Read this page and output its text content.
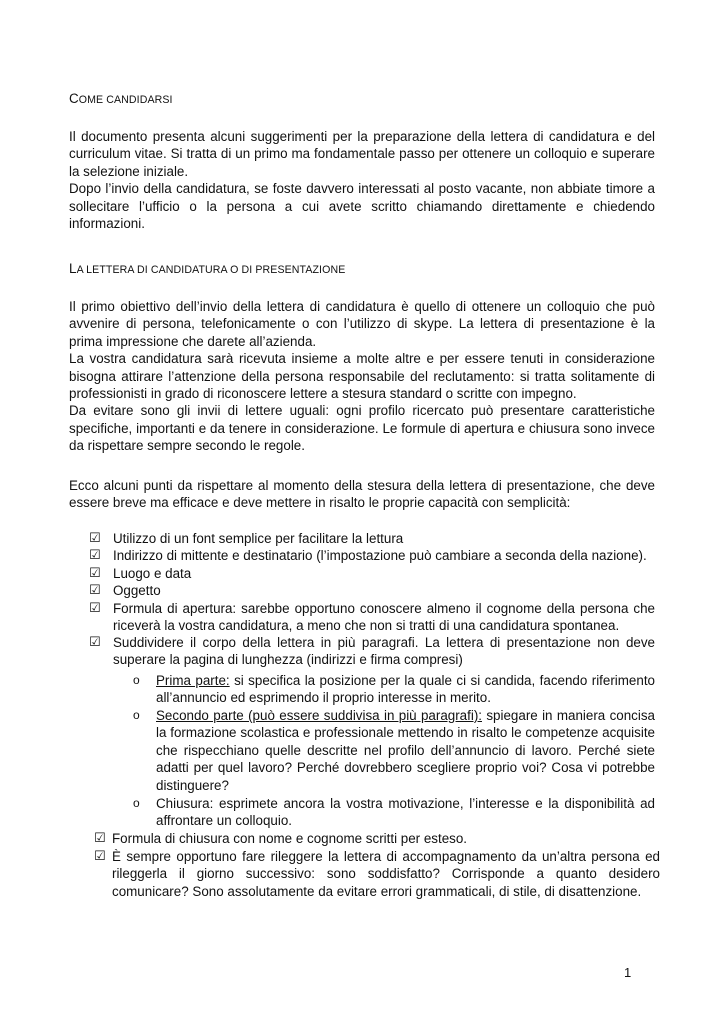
COME CANDIDARSI

Il documento presenta alcuni suggerimenti per la preparazione della lettera di candidatura e del curriculum vitae. Si tratta di un primo ma fondamentale passo per ottenere un colloquio e superare la selezione iniziale.

Dopo l’invio della candidatura, se foste davvero interessati al posto vacante, non abbiate timore a sollecitare l’ufficio o la persona a cui avete scritto chiamando direttamente e chiedendo informazioni.

LA LETTERA DI CANDIDATURA O DI PRESENTAZIONE

Il primo obiettivo dell’invio della lettera di candidatura è quello di ottenere un colloquio che può avvenire di persona, telefonicamente o con l’utilizzo di skype. La lettera di presentazione è la prima impressione che darete all’azienda.

La vostra candidatura sarà ricevuta insieme a molte altre e per essere tenuti in considerazione bisogna attirare l’attenzione della persona responsabile del reclutamento: si tratta solitamente di professionisti in grado di riconoscere lettere a stesura standard o scritte con impegno.

Da evitare sono gli invii di lettere uguali: ogni profilo ricercato può presentare caratteristiche specifiche, importanti e da tenere in considerazione. Le formule di apertura e chiusura sono invece da rispettare sempre secondo le regole.

Ecco alcuni punti da rispettare al momento della stesura della lettera di presentazione, che deve essere breve ma efficace e deve mettere in risalto le proprie capacità con semplicità:

☑ Utilizzo di un font semplice per facilitare la lettura
☑ Indirizzo di mittente e destinatario (l’impostazione può cambiare a seconda della nazione).
☑ Luogo e data
☑ Oggetto
☑ Formula di apertura: sarebbe opportuno conoscere almeno il cognome della persona che riceverà la vostra candidatura, a meno che non si tratti di una candidatura spontanea.
☑ Suddividere il corpo della lettera in più paragrafi. La lettera di presentazione non deve superare la pagina di lunghezza (indirizzi e firma compresi)
o Prima parte: si specifica la posizione per la quale ci si candida, facendo riferimento all’annuncio ed esprimendo il proprio interesse in merito.
o Secondo parte (può essere suddivisa in più paragrafi): spiegare in maniera concisa la formazione scolastica e professionale mettendo in risalto le competenze acquisite che rispecchiano quelle descritte nel profilo dell’annuncio di lavoro. Perché siete adatti per quel lavoro? Perché dovrebbero scegliere proprio voi? Cosa vi potrebbe distinguere?
o Chiusura: esprimete ancora la vostra motivazione, l’interesse e la disponibilità ad affrontare un colloquio.
☑ Formula di chiusura con nome e cognome scritti per esteso.
☑ È sempre opportuno fare rileggere la lettera di accompagnamento da un’altra persona ed rileggerla il giorno successivo: sono soddisfatto? Corrisponde a quanto desidero comunicare? Sono assolutamente da evitare errori grammaticali, di stile, di disattenzione.
1
